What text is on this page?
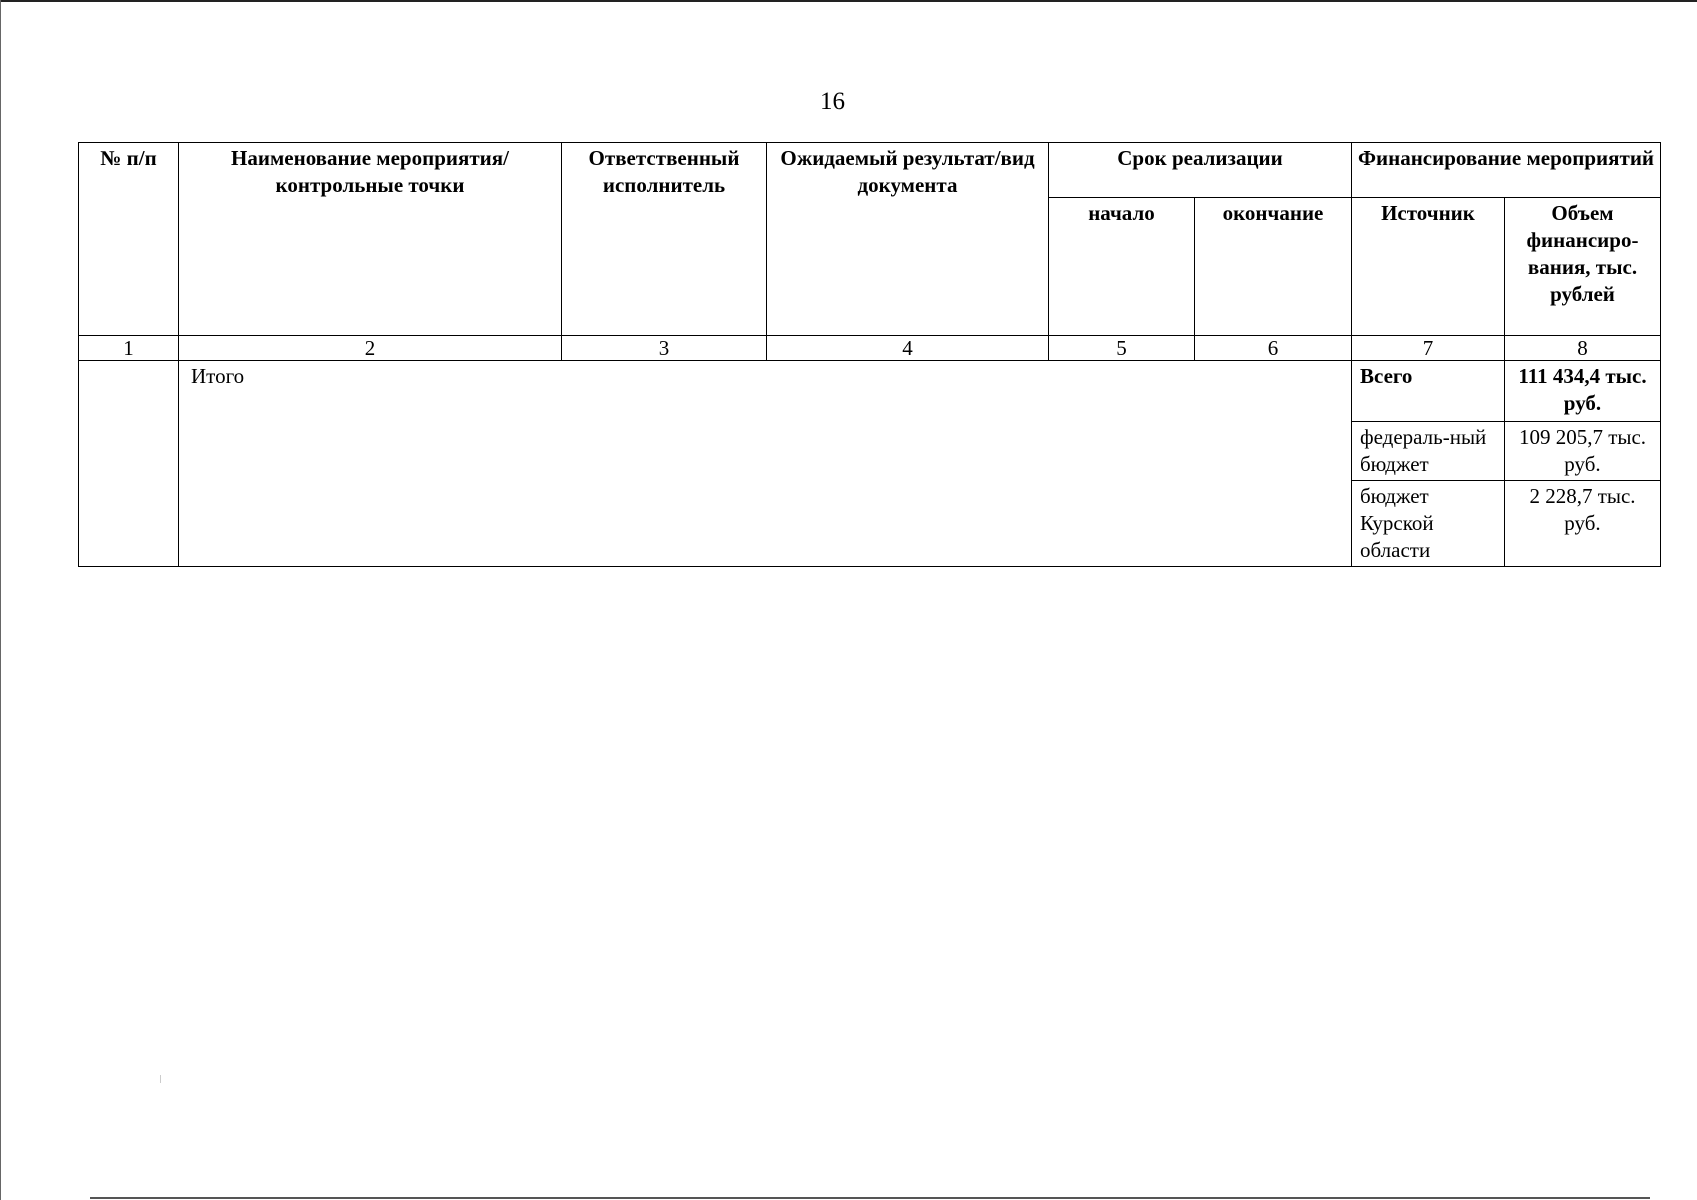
16
№ п/п	Наименование мероприятия/ контрольные точки	Ответственный исполнитель	Ожидаемый результат/вид документа	Срок реализации		Финансирование мероприятий	
				начало	окончание	Источник	Объем финансиро-вания, тыс. рублей
1	2	3	4	5	6	7	8
	Итого					Всего	111 434,4 тыс. руб.
						федераль-ный бюджет	109 205,7 тыс. руб.
						бюджет Курской области	2 228,7 тыс. руб.
